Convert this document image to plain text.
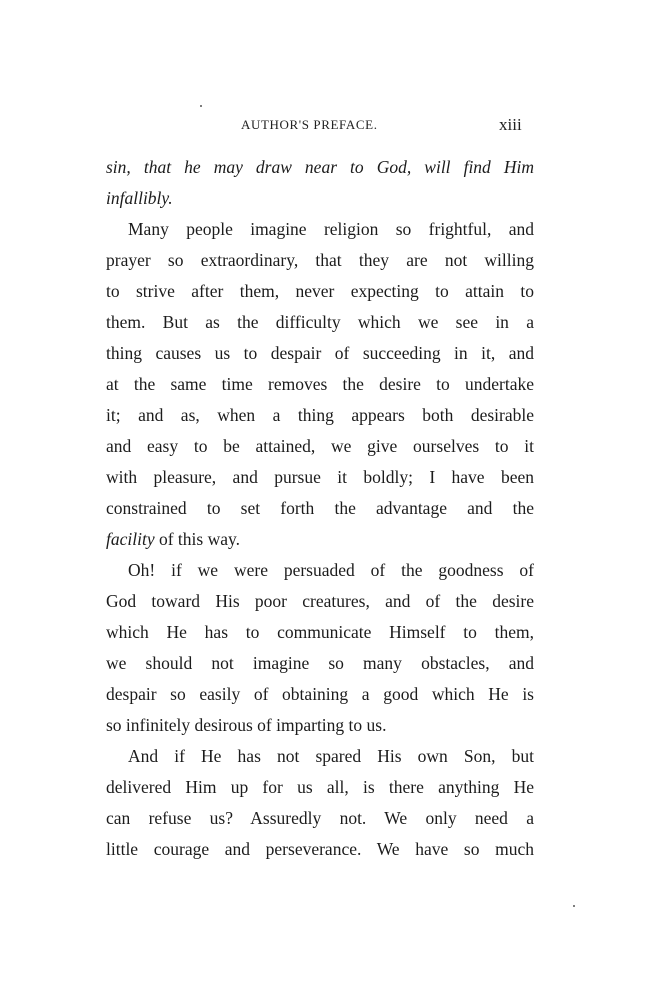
AUTHOR'S PREFACE.	xiii
sin, that he may draw near to God, will find Him
infallibly.
Many people imagine religion so frightful, and
prayer so extraordinary, that they are not willing
to strive after them, never expecting to attain to
them. But as the difficulty which we see in a
thing causes us to despair of succeeding in it, and
at the same time removes the desire to undertake
it; and as, when a thing appears both desirable
and easy to be attained, we give ourselves to it
with pleasure, and pursue it boldly; I have been
constrained to set forth the advantage and the
facility of this way.
Oh! if we were persuaded of the goodness of
God toward His poor creatures, and of the desire
which He has to communicate Himself to them,
we should not imagine so many obstacles, and
despair so easily of obtaining a good which He is
so infinitely desirous of imparting to us.
And if He has not spared His own Son, but
delivered Him up for us all, is there anything He
can refuse us? Assuredly not. We only need a
little courage and perseverance. We have so much
